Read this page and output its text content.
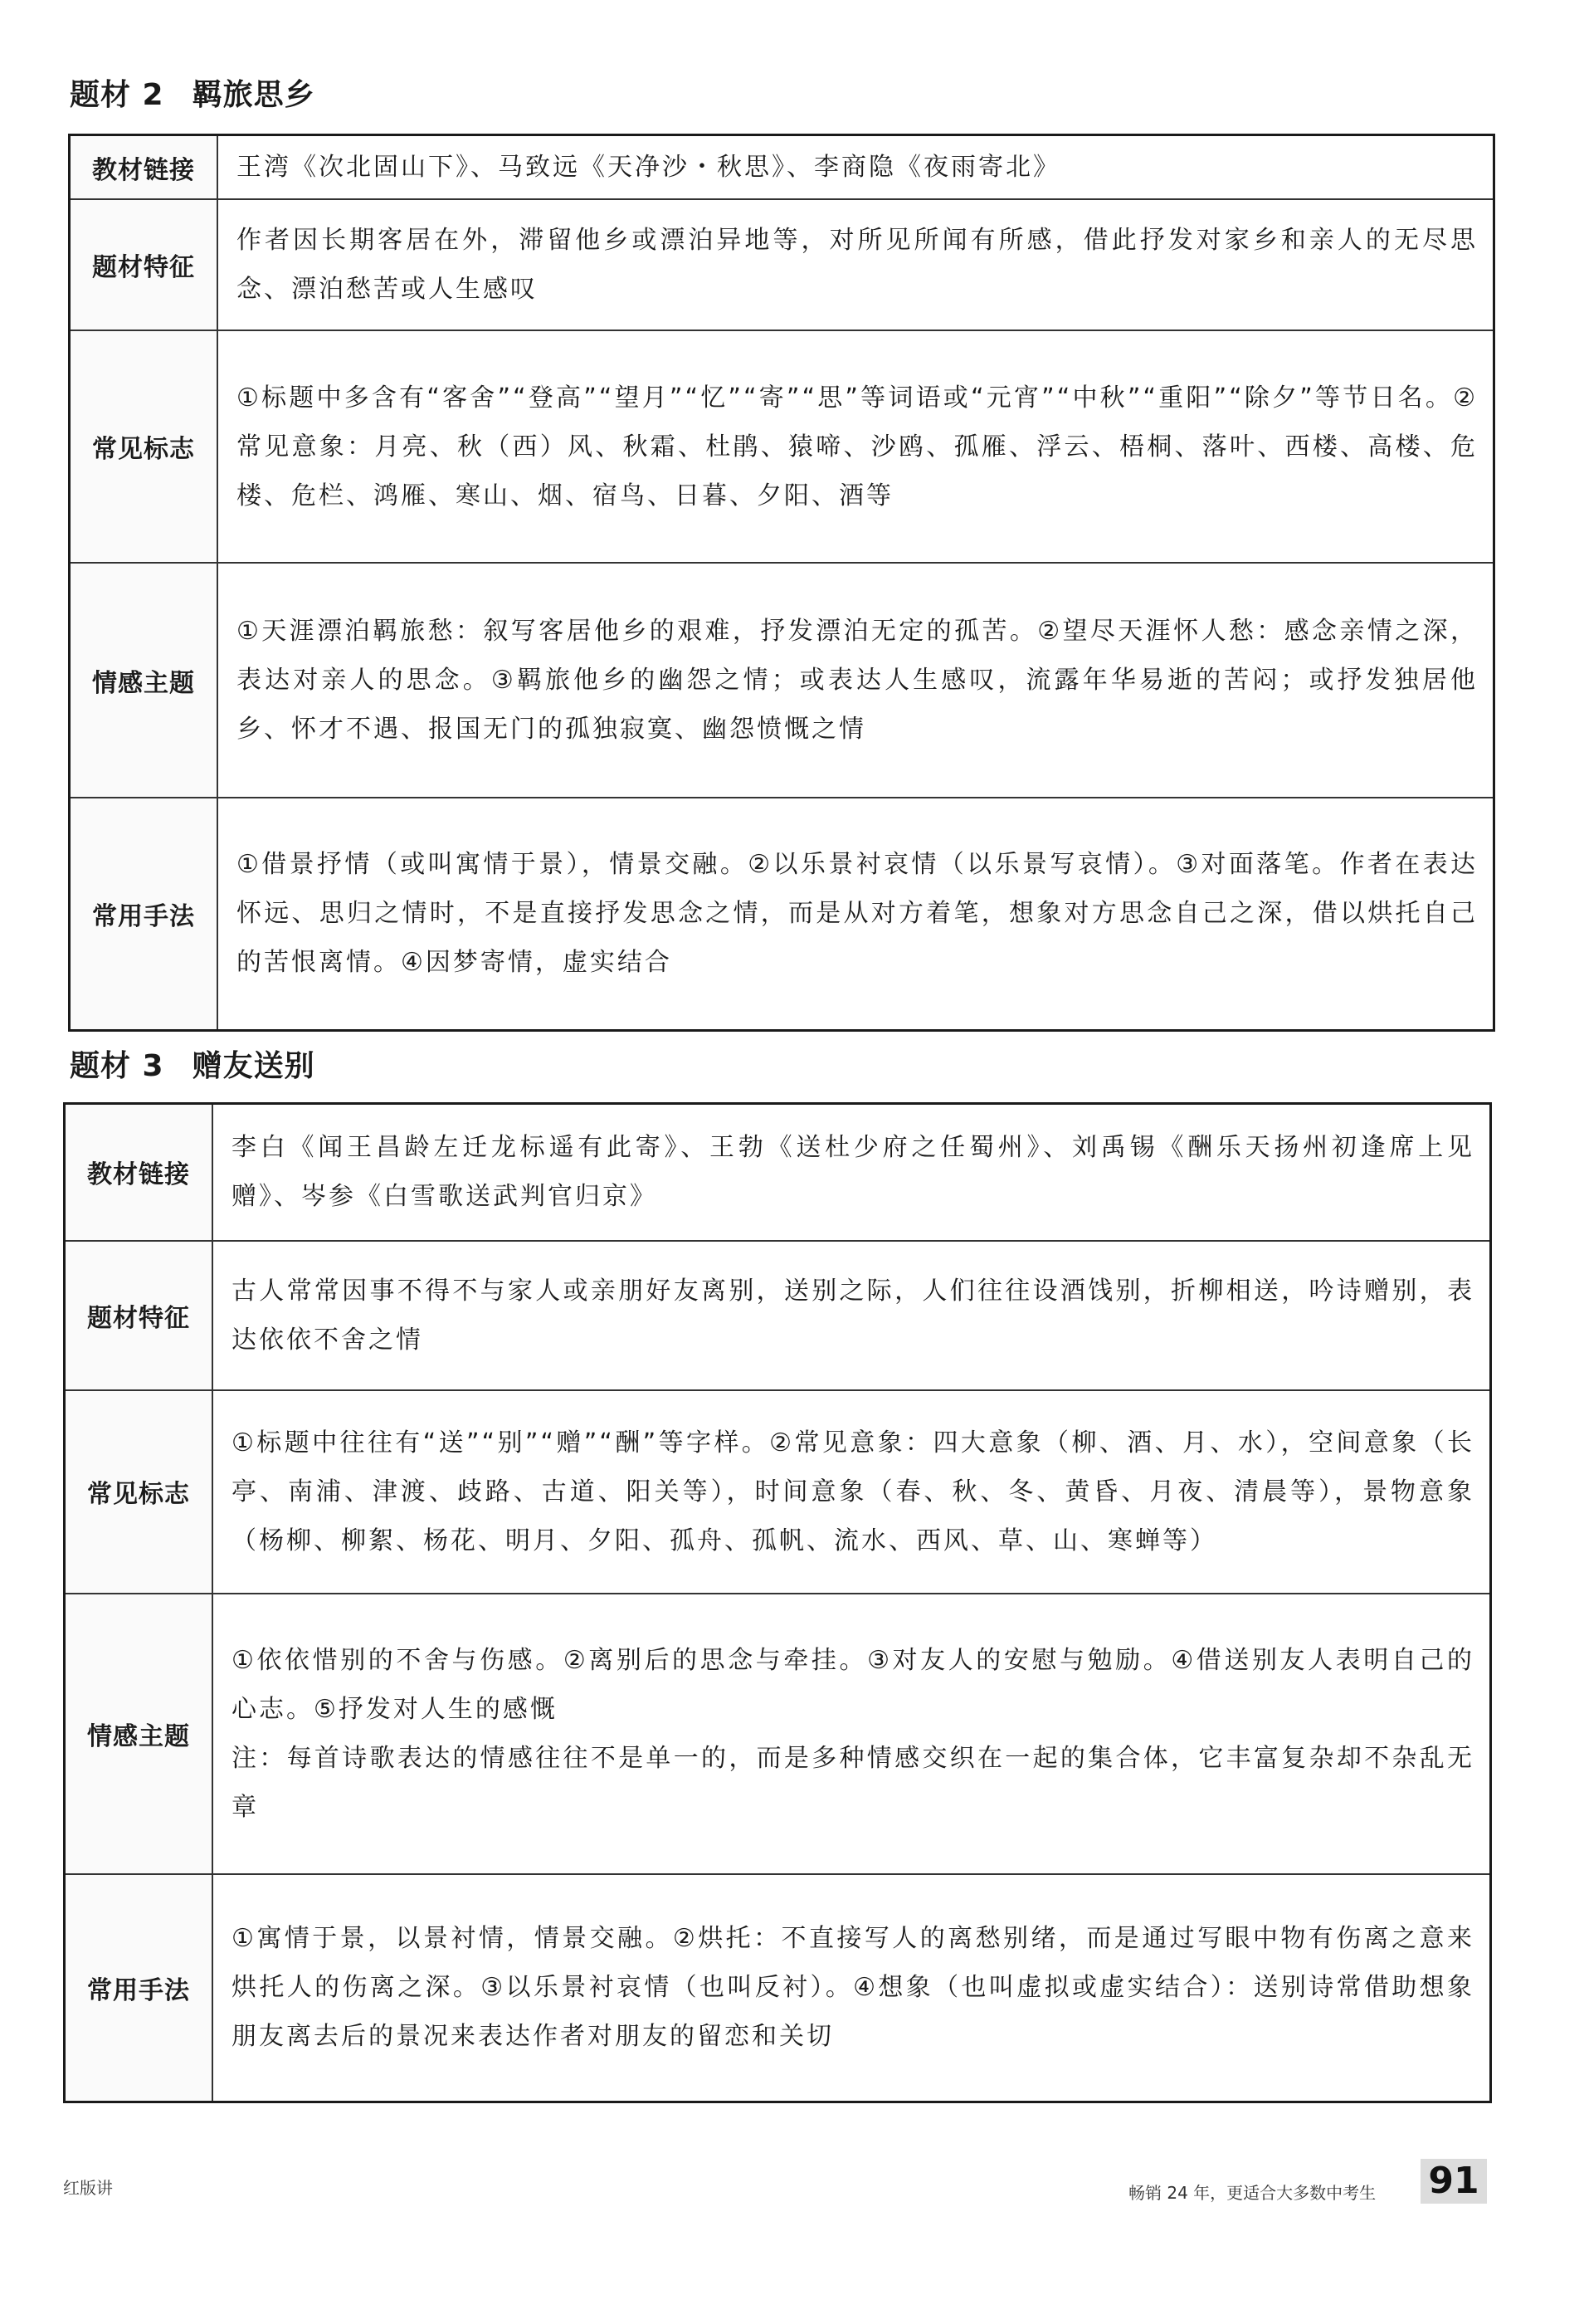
题材 2 羁旅思乡
教材链接	王湾《次北固山下》、马致远《天净沙・秋思》、李商隐《夜雨寄北》

题材特征	作者因长期客居在外，滞留他乡或漂泊异地等，对所见所闻有所感，借此抒发对家乡和亲人的无尽思念、漂泊愁苦或人生感叹

常见标志	①标题中多含有“客舍”“登高”“望月”“忆”“寄”“思”等词语或“元宵”“中秋”“重阳”“除夕”等节日名。②常见意象：月亮、秋（西）风、秋霜、杜鹃、猿啼、沙鸥、孤雁、浮云、梧桐、落叶、西楼、高楼、危楼、危栏、鸿雁、寒山、烟、宿鸟、日暮、夕阳、酒等

情感主题	①天涯漂泊羁旅愁：叙写客居他乡的艰难，抒发漂泊无定的孤苦。②望尽天涯怀人愁：感念亲情之深，表达对亲人的思念。③羁旅他乡的幽怨之情；或表达人生感叹，流露年华易逝的苦闷；或抒发独居他乡、怀才不遇、报国无门的孤独寂寞、幽怨愤慨之情

常用手法	①借景抒情（或叫寓情于景），情景交融。②以乐景衬哀情（以乐景写哀情）。③对面落笔。作者在表达怀远、思归之情时，不是直接抒发思念之情，而是从对方着笔，想象对方思念自己之深，借以烘托自己的苦恨离情。④因梦寄情，虚实结合
题材 3 赠友送别
教材链接	李白《闻王昌龄左迁龙标遥有此寄》、王勃《送杜少府之任蜀州》、刘禹锡《酬乐天扬州初逢席上见赠》、岑参《白雪歌送武判官归京》

题材特征	古人常常因事不得不与家人或亲朋好友离别，送别之际，人们往往设酒饯别，折柳相送，吟诗赠别，表达依依不舍之情

常见标志	①标题中往往有“送”“别”“赠”“酬”等字样。②常见意象：四大意象（柳、酒、月、水），空间意象（长亭、南浦、津渡、歧路、古道、阳关等），时间意象（春、秋、冬、黄昏、月夜、清晨等），景物意象（杨柳、柳絮、杨花、明月、夕阳、孤舟、孤帆、流水、西风、草、山、寒蝉等）

情感主题	①依依惜别的不舍与伤感。②离别后的思念与牵挂。③对友人的安慰与勉励。④借送别友人表明自己的心志。⑤抒发对人生的感慨
注：每首诗歌表达的情感往往不是单一的，而是多种情感交织在一起的集合体，它丰富复杂却不杂乱无章

常用手法	①寓情于景，以景衬情，情景交融。②烘托：不直接写人的离愁别绪，而是通过写眼中物有伤离之意来烘托人的伤离之深。③以乐景衬哀情（也叫反衬）。④想象（也叫虚拟或虚实结合）：送别诗常借助想象朋友离去后的景况来表达作者对朋友的留恋和关切
红版讲	畅销 24 年，更适合大多数中考生 91
